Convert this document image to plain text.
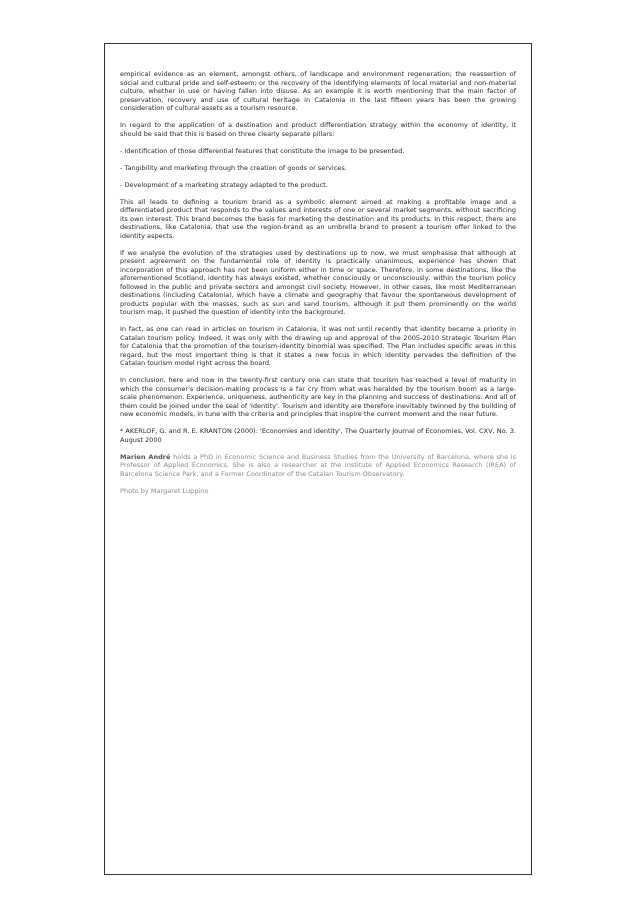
empirical evidence as an element, amongst others, of landscape and environment regeneration; the reassertion of social and cultural pride and self-esteem; or the recovery of the identifying elements of local material and non-material culture, whether in use or having fallen into disuse. As an example it is worth mentioning that the main factor of preservation, recovery and use of cultural heritage in Catalonia in the last fifteen years has been the growing consideration of cultural assets as a tourism resource.

In regard to the application of a destination and product differentiation strategy within the economy of identity, it should be said that this is based on three clearly separate pillars:

- Identification of those differential features that constitute the image to be presented.

- Tangibility and marketing through the creation of goods or services.

- Development of a marketing strategy adapted to the product.

This all leads to defining a tourism brand as a symbolic element aimed at making a profitable image and a differentiated product that responds to the values and interests of one or several market segments, without sacrificing its own interest. This brand becomes the basis for marketing the destination and its products. In this respect, there are destinations, like Catalonia, that use the region-brand as an umbrella brand to present a tourism offer linked to the identity aspects.

If we analyse the evolution of the strategies used by destinations up to now, we must emphasise that although at present agreement on the fundamental role of identity is practically unanimous, experience has shown that incorporation of this approach has not been uniform either in time or space. Therefore, in some destinations, like the aforementioned Scotland, identity has always existed, whether consciously or unconsciously, within the tourism policy followed in the public and private sectors and amongst civil society. However, in other cases, like most Mediterranean destinations (including Catalonia), which have a climate and geography that favour the spontaneous development of products popular with the masses, such as sun and sand tourism, although it put them prominently on the world tourism map, it pushed the question of identity into the background.

In fact, as one can read in articles on tourism in Catalonia, it was not until recently that identity became a priority in Catalan tourism policy. Indeed, it was only with the drawing up and approval of the 2005-2010 Strategic Tourism Plan for Catalonia that the promotion of the tourism-identity binomial was specified. The Plan includes specific areas in this regard, but the most important thing is that it states a new focus in which identity pervades the definition of the Catalan tourism model right across the board.

In conclusion, here and now in the twenty-first century one can state that tourism has reached a level of maturity in which the consumer's decision-making process is a far cry from what was heralded by the tourism boom as a large-scale phenomenon. Experience, uniqueness, authenticity are key in the planning and success of destinations. And all of them could be joined under the seal of 'identity'. Tourism and identity are therefore inevitably twinned by the building of new economic models, in tune with the criteria and principles that inspire the current moment and the near future.

* AKERLOF, G. and R. E. KRANTON (2000): 'Economies and identity', The Quarterly Journal of Economies, Vol. CXV, No. 3. August 2000

Marien André holds a PhD in Economic Science and Business Studies from the University of Barcelona, where she is Professor of Applied Economics. She is also a researcher at the Institute of Applied Economics Research (IREA) of Barcelona Science Park, and a Former Coordinator of the Catalan Tourism Observatory.

Photo by Margaret Luppino
